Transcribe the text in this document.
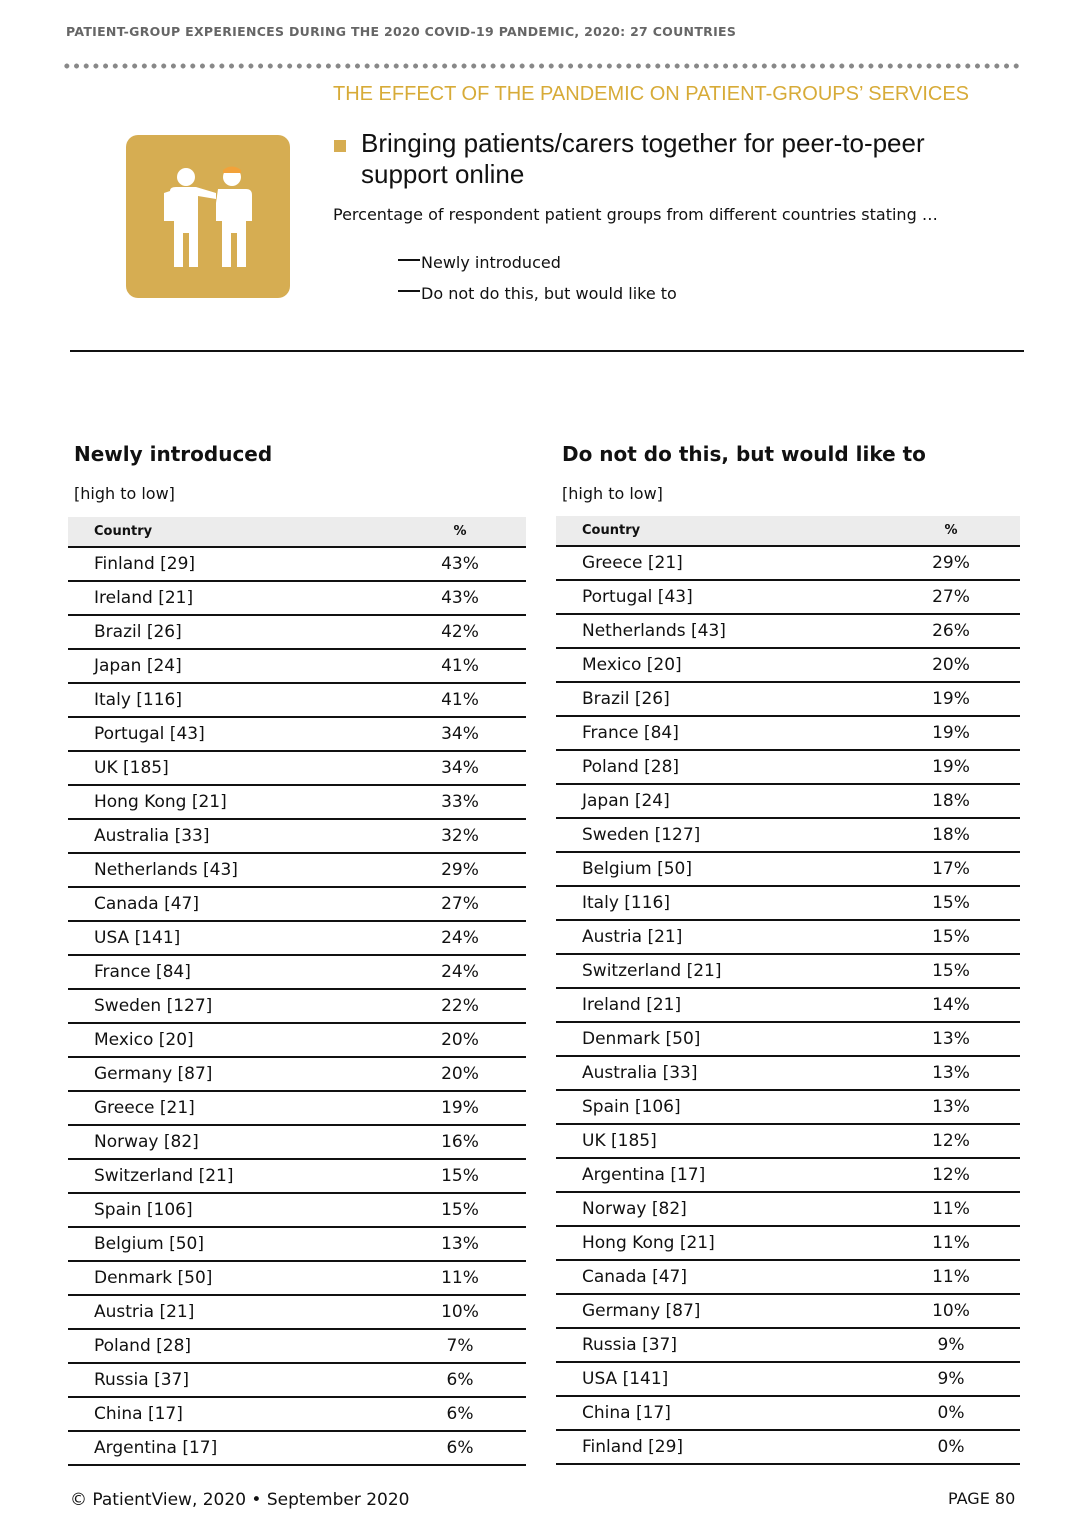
PATIENT-GROUP EXPERIENCES DURING THE 2020 COVID-19 PANDEMIC, 2020: 27 COUNTRIES
THE EFFECT OF THE PANDEMIC ON PATIENT-GROUPS’ SERVICES
Bringing patients/carers together for peer-to-peer support online
Percentage of respondent patient groups from different countries stating …
Newly introduced
Do not do this, but would like to
Newly introduced
[high to low]
Country	%
Finland [29]	43%
Ireland [21]	43%
Brazil [26]	42%
Japan [24]	41%
Italy [116]	41%
Portugal [43]	34%
UK [185]	34%
Hong Kong [21]	33%
Australia [33]	32%
Netherlands [43]	29%
Canada [47]	27%
USA [141]	24%
France [84]	24%
Sweden [127]	22%
Mexico [20]	20%
Germany [87]	20%
Greece [21]	19%
Norway [82]	16%
Switzerland [21]	15%
Spain [106]	15%
Belgium [50]	13%
Denmark [50]	11%
Austria [21]	10%
Poland [28]	7%
Russia [37]	6%
China [17]	6%
Argentina [17]	6%
Do not do this, but would like to
[high to low]
Country	%
Greece [21]	29%
Portugal [43]	27%
Netherlands [43]	26%
Mexico [20]	20%
Brazil [26]	19%
France [84]	19%
Poland [28]	19%
Japan [24]	18%
Sweden [127]	18%
Belgium [50]	17%
Italy [116]	15%
Austria [21]	15%
Switzerland [21]	15%
Ireland [21]	14%
Denmark [50]	13%
Australia [33]	13%
Spain [106]	13%
UK [185]	12%
Argentina [17]	12%
Norway [82]	11%
Hong Kong [21]	11%
Canada [47]	11%
Germany [87]	10%
Russia [37]	9%
USA [141]	9%
China [17]	0%
Finland [29]	0%
© PatientView, 2020 • September 2020	PAGE 80
